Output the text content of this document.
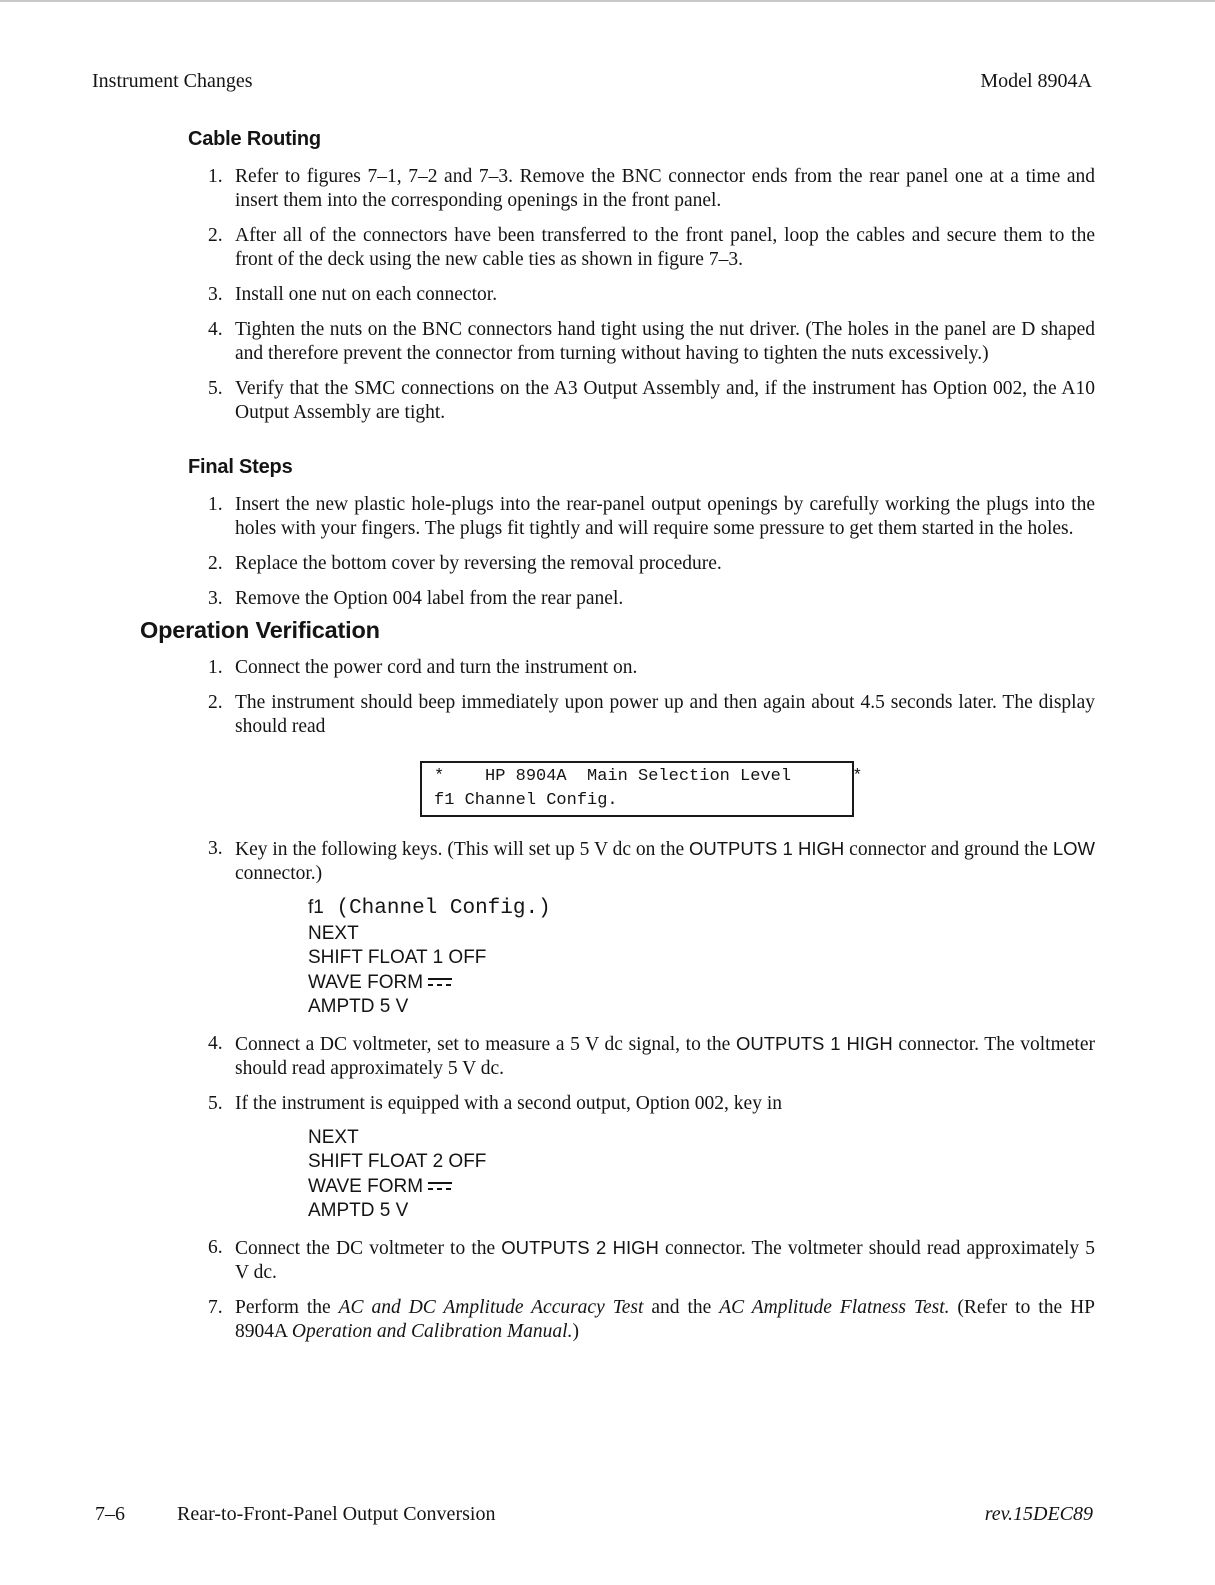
Instrument Changes	Model 8904A
Cable Routing
1. Refer to figures 7–1, 7–2 and 7–3. Remove the BNC connector ends from the rear panel one at a time and insert them into the corresponding openings in the front panel.
2. After all of the connectors have been transferred to the front panel, loop the cables and secure them to the front of the deck using the new cable ties as shown in figure 7–3.
3. Install one nut on each connector.
4. Tighten the nuts on the BNC connectors hand tight using the nut driver. (The holes in the panel are D shaped and therefore prevent the connector from turning without having to tighten the nuts excessively.)
5. Verify that the SMC connections on the A3 Output Assembly and, if the instrument has Option 002, the A10 Output Assembly are tight.
Final Steps
1. Insert the new plastic hole-plugs into the rear-panel output openings by carefully working the plugs into the holes with your fingers. The plugs fit tightly and will require some pressure to get them started in the holes.
2. Replace the bottom cover by reversing the removal procedure.
3. Remove the Option 004 label from the rear panel.
Operation Verification
1. Connect the power cord and turn the instrument on.
2. The instrument should beep immediately upon power up and then again about 4.5 seconds later. The display should read
*    HP 8904A  Main Selection Level      *
f1 Channel Config.
3. Key in the following keys. (This will set up 5 V dc on the OUTPUTS 1 HIGH connector and ground the LOW connector.)
f1 (Channel Config.)
NEXT
SHIFT FLOAT 1 OFF
WAVE FORM
AMPTD 5 V
4. Connect a DC voltmeter, set to measure a 5 V dc signal, to the OUTPUTS 1 HIGH connector. The voltmeter should read approximately 5 V dc.
5. If the instrument is equipped with a second output, Option 002, key in
NEXT
SHIFT FLOAT 2 OFF
WAVE FORM
AMPTD 5 V
6. Connect the DC voltmeter to the OUTPUTS 2 HIGH connector. The voltmeter should read approximately 5 V dc.
7. Perform the AC and DC Amplitude Accuracy Test and the AC Amplitude Flatness Test. (Refer to the HP 8904A Operation and Calibration Manual.)
7–6	Rear-to-Front-Panel Output Conversion	rev.15DEC89
